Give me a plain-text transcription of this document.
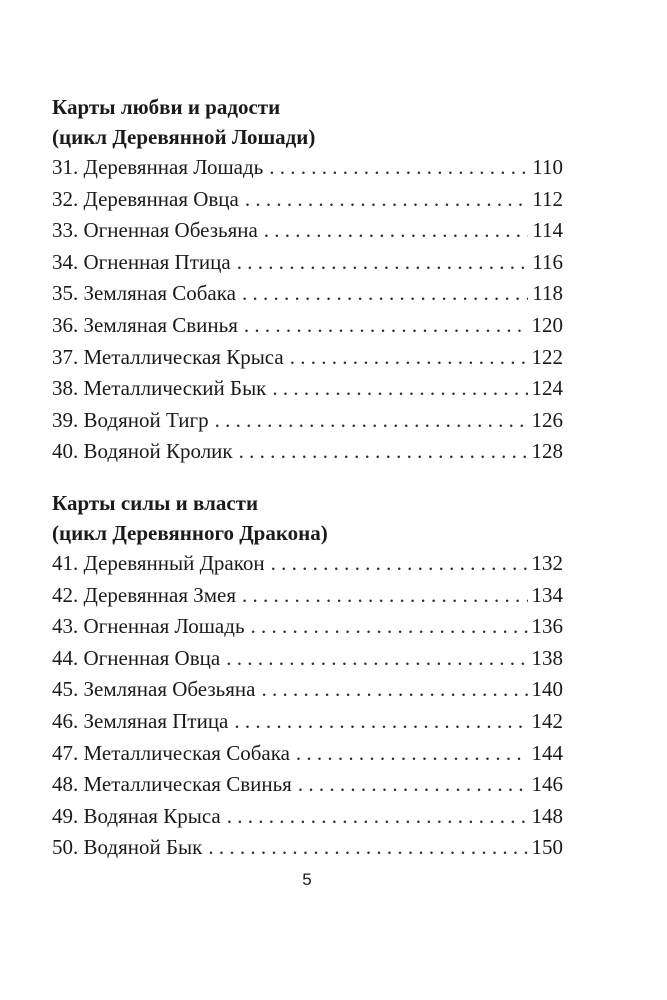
Карты любви и радости
(цикл Деревянной Лошади)
31. Деревянная Лошадь . . .	110
32. Деревянная Овца . . .	112
33. Огненная Обезьяна . . .	114
34. Огненная Птица . . .	116
35. Земляная Собака . . .	118
36. Земляная Свинья . . .	120
37. Металлическая Крыса . . .	122
38. Металлический Бык . . .	124
39. Водяной Тигр . . .	126
40. Водяной Кролик . . .	128
Карты силы и власти
(цикл Деревянного Дракона)
41. Деревянный Дракон . . .	132
42. Деревянная Змея . . .	134
43. Огненная Лошадь . . .	136
44. Огненная Овца . . .	138
45. Земляная Обезьяна . . .	140
46. Земляная Птица . . .	142
47. Металлическая Собака . . .	144
48. Металлическая Свинья . . .	146
49. Водяная Крыса . . .	148
50. Водяной Бык . . .	150
5
